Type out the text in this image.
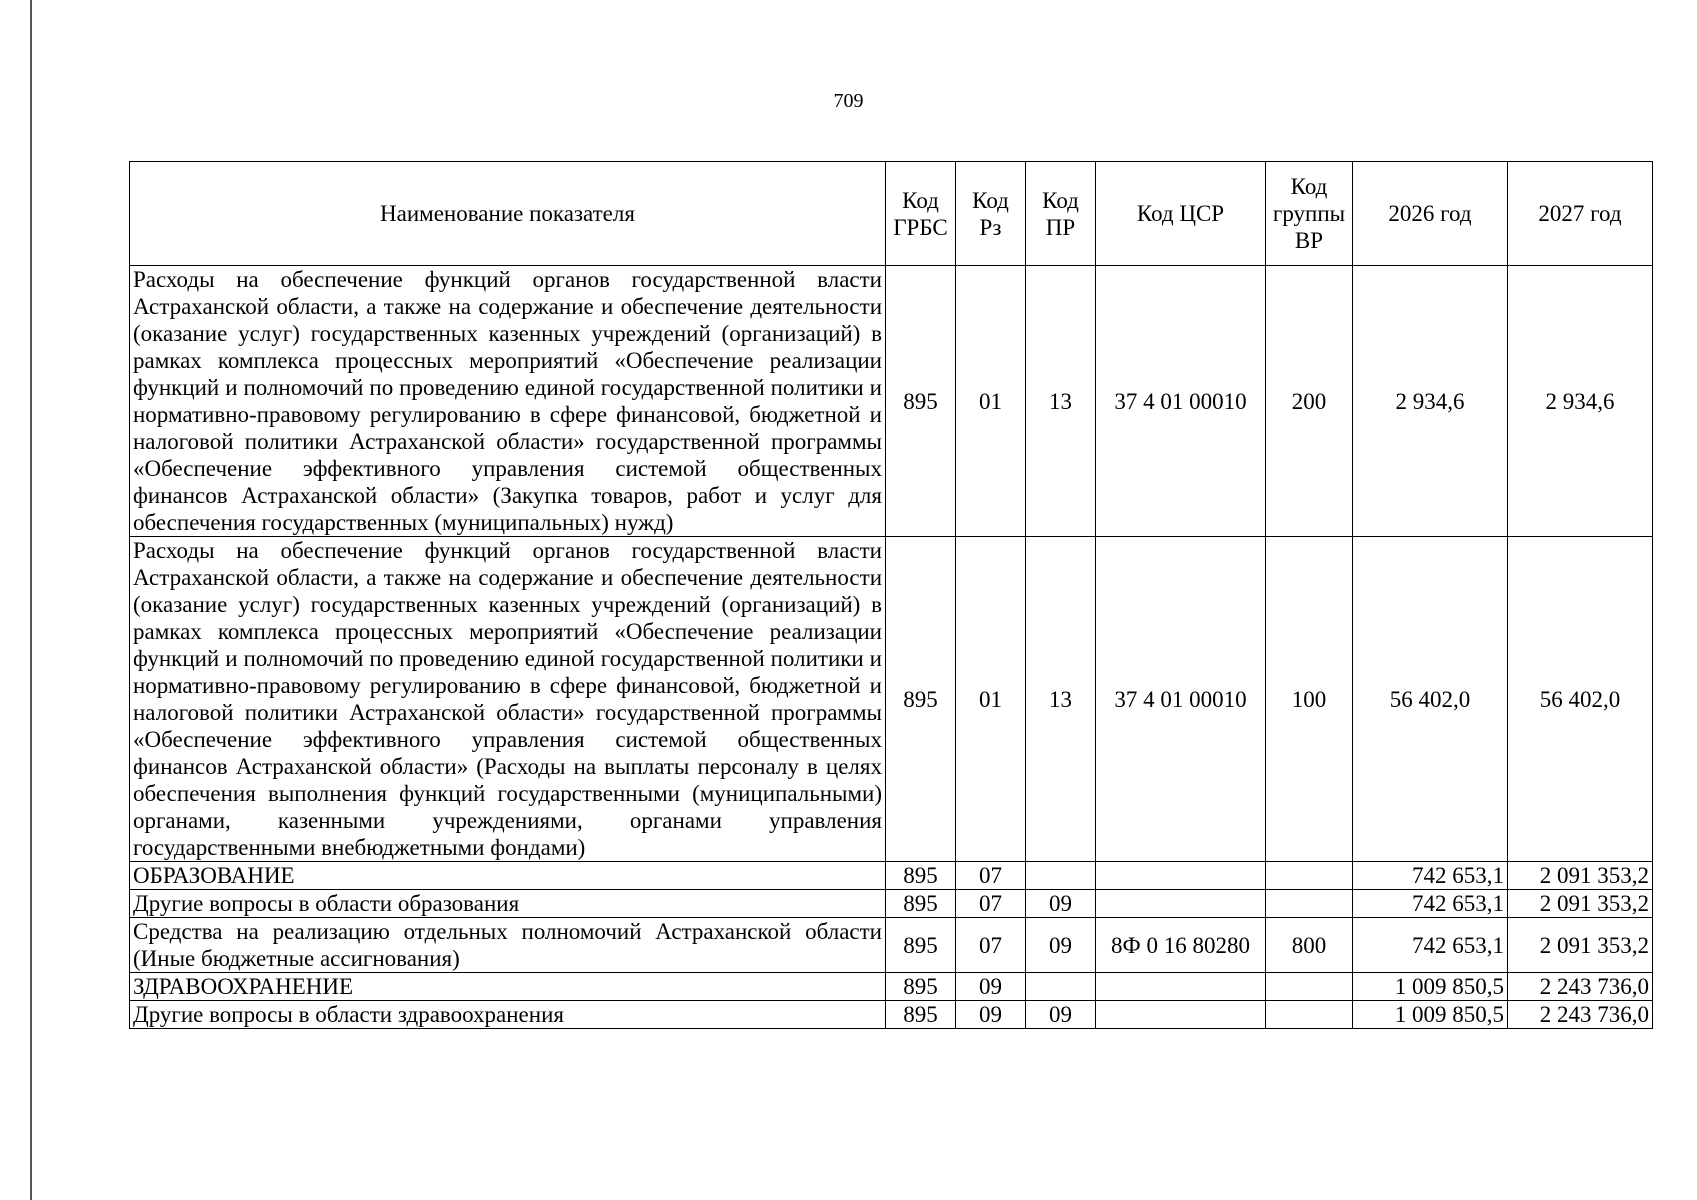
709
Наименование показателя	Код ГРБС	Код Рз	Код ПР	Код ЦСР	Код группы ВР	2026 год	2027 год
Расходы на обеспечение функций органов государственной власти Астраханской области, а также на содержание и обеспечение деятельности (оказание услуг) государственных казенных учреждений (организаций) в рамках комплекса процессных мероприятий «Обеспечение реализации функций и полномочий по проведению единой государственной политики и нормативно-правовому регулированию в сфере финансовой, бюджетной и налоговой политики Астраханской области» государственной программы «Обеспечение эффективного управления системой общественных финансов Астраханской области» (Закупка товаров, работ и услуг для обеспечения государственных (муниципальных) нужд)	895	01	13	37 4 01 00010	200	2 934,6	2 934,6
Расходы на обеспечение функций органов государственной власти Астраханской области, а также на содержание и обеспечение деятельности (оказание услуг) государственных казенных учреждений (организаций) в рамках комплекса процессных мероприятий «Обеспечение реализации функций и полномочий по проведению единой государственной политики и нормативно-правовому регулированию в сфере финансовой, бюджетной и налоговой политики Астраханской области» государственной программы «Обеспечение эффективного управления системой общественных финансов Астраханской области» (Расходы на выплаты персоналу в целях обеспечения выполнения функций государственными (муниципальными) органами, казенными учреждениями, органами управления государственными внебюджетными фондами)	895	01	13	37 4 01 00010	100	56 402,0	56 402,0
ОБРАЗОВАНИЕ	895	07				742 653,1	2 091 353,2
Другие вопросы в области образования	895	07	09			742 653,1	2 091 353,2
Средства на реализацию отдельных полномочий Астраханской области (Иные бюджетные ассигнования)	895	07	09	8Ф 0 16 80280	800	742 653,1	2 091 353,2
ЗДРАВООХРАНЕНИЕ	895	09				1 009 850,5	2 243 736,0
Другие вопросы в области здравоохранения	895	09	09			1 009 850,5	2 243 736,0
